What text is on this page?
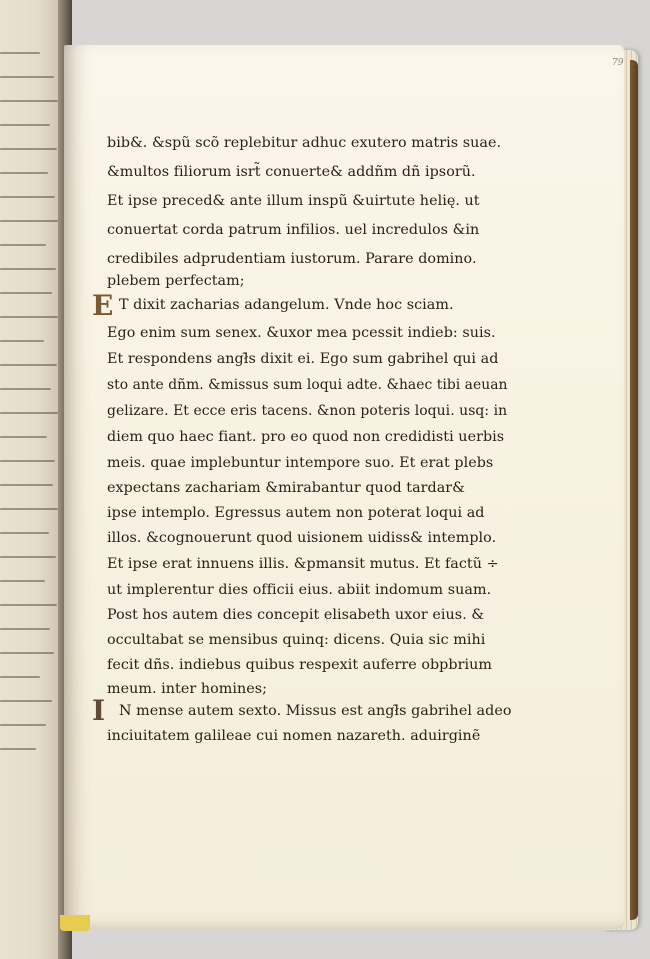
79
E
I
bib&. &spũ scõ replebitur adhuc exutero matris suae.
&multos filiorum isrt̃ conuerte& addñm dñ ipsorũ.
Et ipse preced& ante illum inspũ &uirtute helię. ut
conuertat corda patrum infilios. uel incredulos &in
credibiles adprudentiam iustorum. Parare domino.
plebem perfectam;
T dixit zacharias adangelum. Vnde hoc sciam.
Ego enim sum senex. &uxor mea pcessit indieb: suis.
Et respondens angł̃s dixit ei. Ego sum gabrihel qui ad
sto ante dñm. &missus sum loqui adte. &haec tibi aeuan
gelizare. Et ecce eris tacens. &non poteris loqui. usq: in
diem quo haec fiant. pro eo quod non credidisti uerbis
meis. quae implebuntur intempore suo. Et erat plebs
expectans zachariam &mirabantur quod tardar&
ipse intemplo. Egressus autem non poterat loqui ad
illos. &cognouerunt quod uisionem uidiss& intemplo.
Et ipse erat innuens illis. &pmansit mutus. Et factũ ÷
ut implerentur dies officii eius. abiit indomum suam.
Post hos autem dies concepit elisabeth uxor eius. &
occultabat se mensibus quinq: dicens. Quia sic mihi
fecit dñs. indiebus quibus respexit auferre obpbrium
meum. inter homines;
N mense autem sexto. Missus est angł̃s gabrihel adeo
inciuitatem galileae cui nomen nazareth. aduirginẽ
